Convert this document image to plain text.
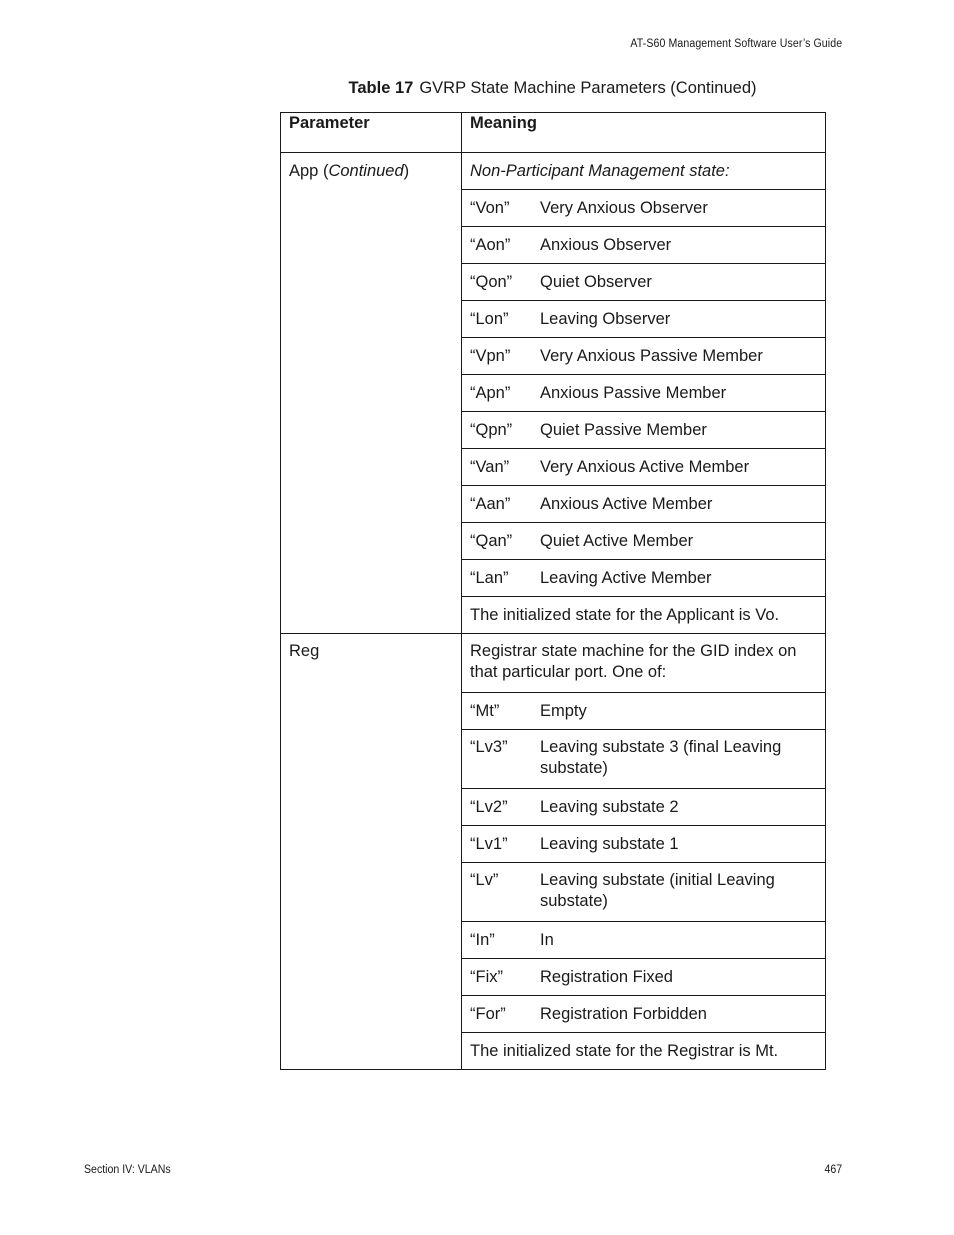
AT-S60 Management Software User’s Guide
Table 17 GVRP State Machine Parameters (Continued)
Parameter	Meaning
App (Continued)	Non-Participant Management state:
	“Von” Very Anxious Observer
	“Aon” Anxious Observer
	“Qon” Quiet Observer
	“Lon” Leaving Observer
	“Vpn” Very Anxious Passive Member
	“Apn” Anxious Passive Member
	“Qpn” Quiet Passive Member
	“Van” Very Anxious Active Member
	“Aan” Anxious Active Member
	“Qan” Quiet Active Member
	“Lan” Leaving Active Member
	The initialized state for the Applicant is Vo.
Reg	Registrar state machine for the GID index on that particular port. One of:
	“Mt” Empty
	“Lv3” Leaving substate 3 (final Leaving substate)
	“Lv2” Leaving substate 2
	“Lv1” Leaving substate 1
	“Lv” Leaving substate (initial Leaving substate)
	“In” In
	“Fix” Registration Fixed
	“For” Registration Forbidden
	The initialized state for the Registrar is Mt.
Section IV: VLANs	467
